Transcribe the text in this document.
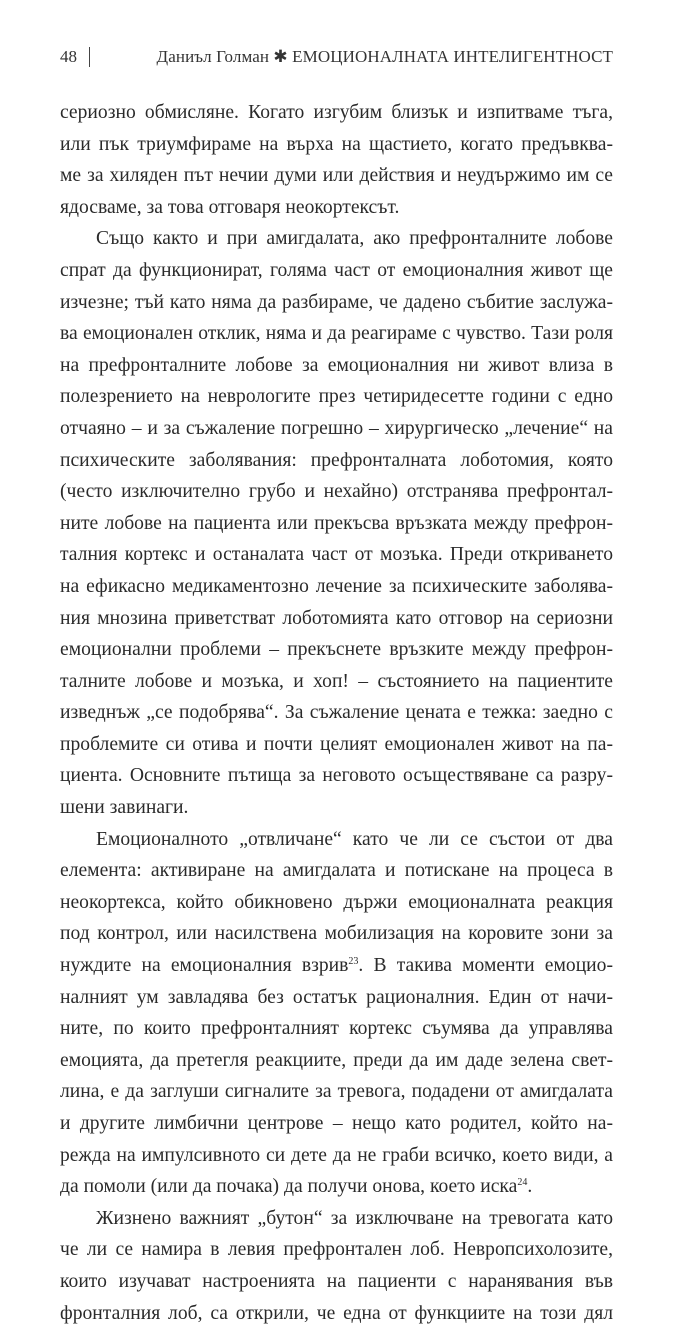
48	Даниъл Голман ✱ ЕМОЦИОНАЛНАТА ИНТЕЛИГЕНТНОСТ
сериозно обмисляне. Когато изгубим близък и изпитваме тъга,
или пък триумфираме на върха на щастието, когато предъвква-
ме за хиляден път нечии думи или действия и неудържимо им се
ядосваме, за това отговаря неокортексът.
Също както и при амигдалата, ако префронталните лобове
спрат да функционират, голяма част от емоционалния живот ще
изчезне; тъй като няма да разбираме, че дадено събитие заслужа-
ва емоционален отклик, няма и да реагираме с чувство. Тази роля
на префронталните лобове за емоционалния ни живот влиза в
полезрението на неврологите през четиридесетте години с едно
отчаяно – и за съжаление погрешно – хирургическо „лечение“ на
психическите заболявания: префронталната лоботомия, която
(често изключително грубо и нехайно) отстранява префронтал-
ните лобове на пациента или прекъсва връзката между префрон-
талния кортекс и останалата част от мозъка. Преди откриването
на ефикасно медикаментозно лечение за психическите заболява-
ния мнозина приветстват лоботомията като отговор на сериозни
емоционални проблеми – прекъснете връзките между префрон-
талните лобове и мозъка, и хоп! – състоянието на пациентите
изведнъж „се подобрява“. За съжаление цената е тежка: заедно с
проблемите си отива и почти целият емоционален живот на па-
циента. Основните пътища за неговото осъществяване са разру-
шени завинаги.
Емоционалното „отвличане“ като че ли се състои от два
елемента: активиране на амигдалата и потискане на процеса в
неокортекса, който обикновено държи емоционалната реакция
под контрол, или насилствена мобилизация на коровите зони за
нуждите на емоционалния взрив$^{23}$. В такива моменти емоцио-
налният ум завладява без остатък рационалния. Един от начи-
ните, по които префронталният кортекс съумява да управлява
емоцията, да претегля реакциите, преди да им даде зелена свет-
лина, е да заглуши сигналите за тревога, подадени от амигдалата
и другите лимбични центрове – нещо като родител, който на-
режда на импулсивното си дете да не граби всичко, което види, а
да помоли (или да почака) да получи онова, което иска$^{24}$.
Жизнено важният „бутон“ за изключване на тревогата като
че ли се намира в левия префронтален лоб. Невропсихолозите,
които изучават настроенията на пациенти с наранявания във
фронталния лоб, са открили, че една от функциите на този дял
